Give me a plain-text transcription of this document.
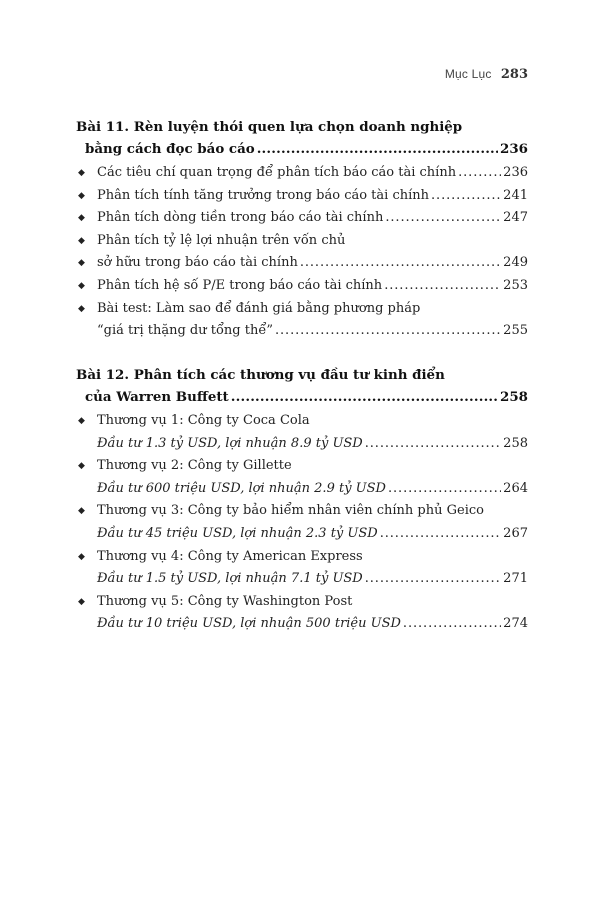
Mục Lục 283
Bài 11. Rèn luyện thói quen lựa chọn doanh nghiệp
bằng cách đọc báo cáo .....	236
◆ Các tiêu chí quan trọng để phân tích báo cáo tài chính .....	236
◆ Phân tích tính tăng trưởng trong báo cáo tài chính .....	241
◆ Phân tích dòng tiền trong báo cáo tài chính .....	247
◆ Phân tích tỷ lệ lợi nhuận trên vốn chủ
◆ sở hữu trong báo cáo tài chính .....	249
◆ Phân tích hệ số P/E trong báo cáo tài chính .....	253
◆ Bài test: Làm sao để đánh giá bằng phương pháp
“giá trị thặng dư tổng thể” .....	255
Bài 12. Phân tích các thương vụ đầu tư kinh điển
của Warren Buffett .....	258
◆ Thương vụ 1: Công ty Coca Cola
Đầu tư 1.3 tỷ USD, lợi nhuận 8.9 tỷ USD .....	258
◆ Thương vụ 2: Công ty Gillette
Đầu tư 600 triệu USD, lợi nhuận 2.9 tỷ USD .....	264
◆ Thương vụ 3: Công ty bảo hiểm nhân viên chính phủ Geico
Đầu tư 45 triệu USD, lợi nhuận 2.3 tỷ USD .....	267
◆ Thương vụ 4: Công ty American Express
Đầu tư 1.5 tỷ USD, lợi nhuận 7.1 tỷ USD .....	271
◆ Thương vụ 5: Công ty Washington Post
Đầu tư 10 triệu USD, lợi nhuận 500 triệu USD .....	274
